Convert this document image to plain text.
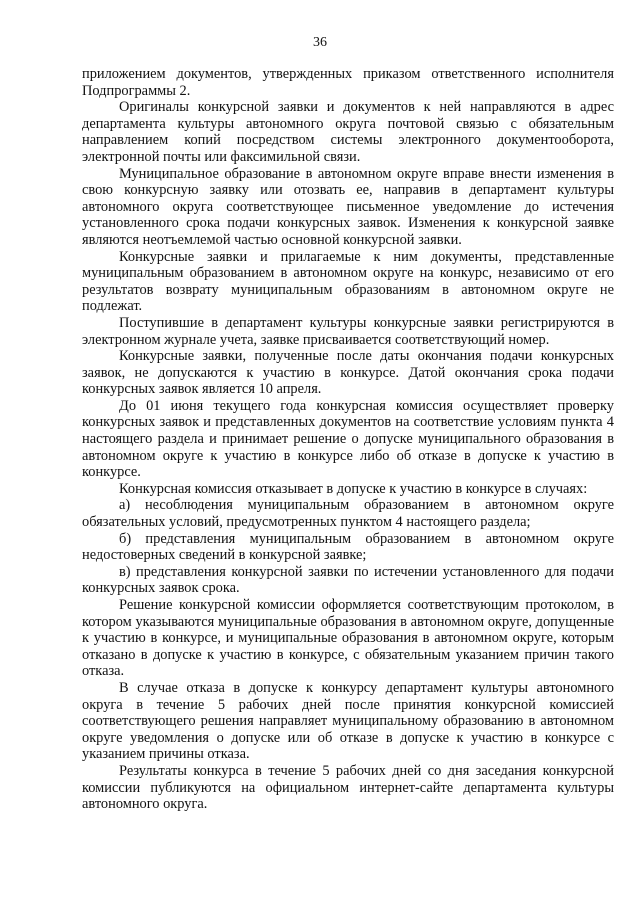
36

приложением документов, утвержденных приказом ответственного исполнителя Подпрограммы 2.

Оригиналы конкурсной заявки и документов к ней направляются в адрес департамента культуры автономного округа почтовой связью с обязательным направлением копий посредством системы электронного документооборота, электронной почты или факсимильной связи.

Муниципальное образование в автономном округе вправе внести изменения в свою конкурсную заявку или отозвать ее, направив в департамент культуры автономного округа соответствующее письменное уведомление до истечения установленного срока подачи конкурсных заявок. Изменения к конкурсной заявке являются неотъемлемой частью основной конкурсной заявки.

Конкурсные заявки и прилагаемые к ним документы, представленные муниципальным образованием в автономном округе на конкурс, независимо от его результатов возврату муниципальным образованиям в автономном округе не подлежат.

Поступившие в департамент культуры конкурсные заявки регистрируются в электронном журнале учета, заявке присваивается соответствующий номер.

Конкурсные заявки, полученные после даты окончания подачи конкурсных заявок, не допускаются к участию в конкурсе. Датой окончания срока подачи конкурсных заявок является 10 апреля.

До 01 июня текущего года конкурсная комиссия осуществляет проверку конкурсных заявок и представленных документов на соответствие условиям пункта 4 настоящего раздела и принимает решение о допуске муниципального образования в автономном округе к участию в конкурсе либо об отказе в допуске к участию в конкурсе.

Конкурсная комиссия отказывает в допуске к участию в конкурсе в случаях:

а) несоблюдения муниципальным образованием в автономном округе обязательных условий, предусмотренных пунктом 4 настоящего раздела;

б) представления муниципальным образованием в автономном округе недостоверных сведений в конкурсной заявке;

в) представления конкурсной заявки по истечении установленного для подачи конкурсных заявок срока.

Решение конкурсной комиссии оформляется соответствующим протоколом, в котором указываются муниципальные образования в автономном округе, допущенные к участию в конкурсе, и муниципальные образования в автономном округе, которым отказано в допуске к участию в конкурсе, с обязательным указанием причин такого отказа.

В случае отказа в допуске к конкурсу департамент культуры автономного округа в течение 5 рабочих дней после принятия конкурсной комиссией соответствующего решения направляет муниципальному образованию в автономном округе уведомления о допуске или об отказе в допуске к участию в конкурсе с указанием причины отказа.

Результаты конкурса в течение 5 рабочих дней со дня заседания конкурсной комиссии публикуются на официальном интернет-сайте департамента культуры автономного округа.
